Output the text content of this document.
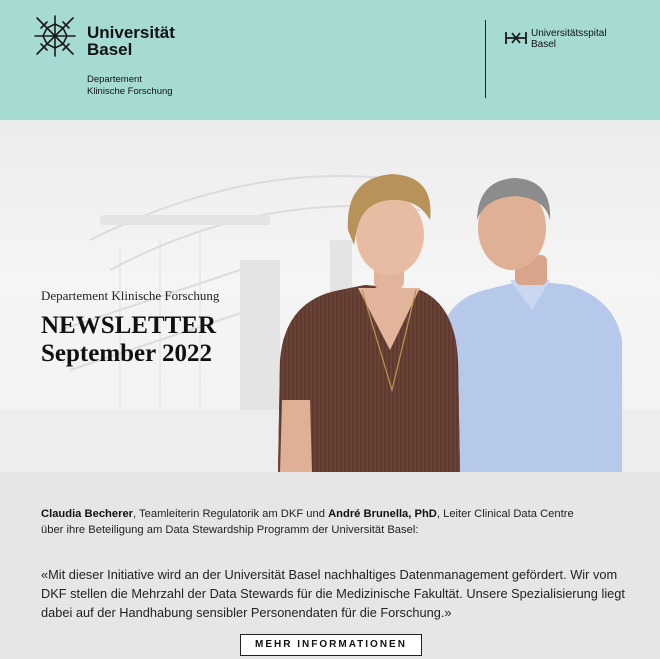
Universität
Basel
Departement
Klinische Forschung
Universitätsspital
Basel
Departement Klinische Forschung
NEWSLETTER
September 2022
Claudia Becherer, Teamleiterin Regulatorik am DKF und André Brunella, PhD, Leiter Clinical Data Centre
über ihre Beteiligung am Data Stewardship Programm der Universität Basel:
«Mit dieser Initiative wird an der Universität Basel nachhaltiges Datenmanagement gefördert. Wir vom DKF stellen die Mehrzahl der Data Stewards für die Medizinische Fakultät. Unsere Spezialisierung liegt dabei auf der Handhabung sensibler Personendaten für die Forschung.»
MEHR INFORMATIONEN
